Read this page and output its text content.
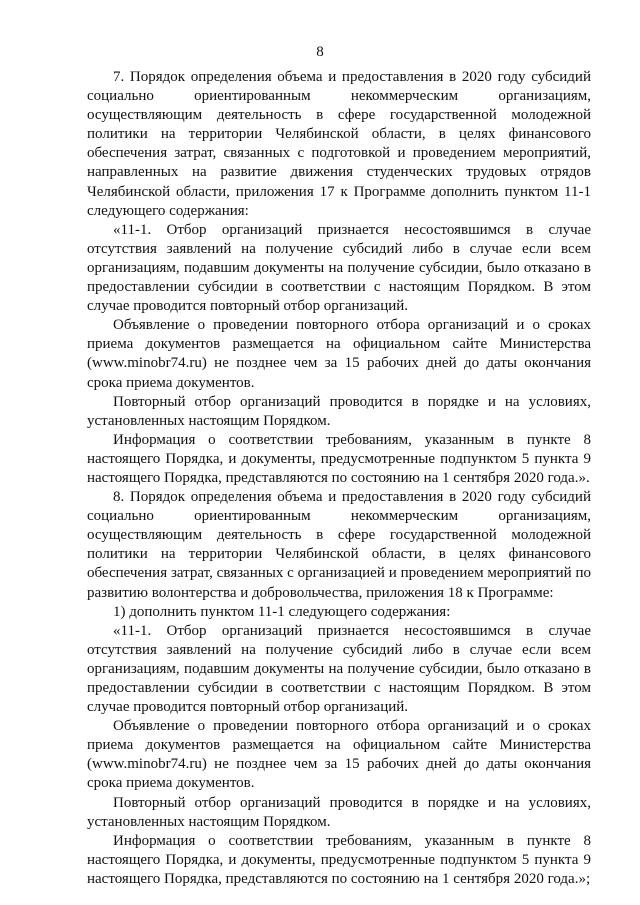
8

7. Порядок определения объема и предоставления в 2020 году субсидий социально ориентированным некоммерческим организациям, осуществляющим деятельность в сфере государственной молодежной политики на территории Челябинской области, в целях финансового обеспечения затрат, связанных с подготовкой и проведением мероприятий, направленных на развитие движения студенческих трудовых отрядов Челябинской области, приложения 17 к Программе дополнить пунктом 11-1 следующего содержания:

«11-1. Отбор организаций признается несостоявшимся в случае отсутствия заявлений на получение субсидий либо в случае если всем организациям, подавшим документы на получение субсидии, было отказано в предоставлении субсидии в соответствии с настоящим Порядком. В этом случае проводится повторный отбор организаций.

Объявление о проведении повторного отбора организаций и о сроках приема документов размещается на официальном сайте Министерства (www.minobr74.ru) не позднее чем за 15 рабочих дней до даты окончания срока приема документов.

Повторный отбор организаций проводится в порядке и на условиях, установленных настоящим Порядком.

Информация о соответствии требованиям, указанным в пункте 8 настоящего Порядка, и документы, предусмотренные подпунктом 5 пункта 9 настоящего Порядка, представляются по состоянию на 1 сентября 2020 года.».

8. Порядок определения объема и предоставления в 2020 году субсидий социально ориентированным некоммерческим организациям, осуществляющим деятельность в сфере государственной молодежной политики на территории Челябинской области, в целях финансового обеспечения затрат, связанных с организацией и проведением мероприятий по развитию волонтерства и добровольчества, приложения 18 к Программе:

1) дополнить пунктом 11-1 следующего содержания:

«11-1. Отбор организаций признается несостоявшимся в случае отсутствия заявлений на получение субсидий либо в случае если всем организациям, подавшим документы на получение субсидии, было отказано в предоставлении субсидии в соответствии с настоящим Порядком. В этом случае проводится повторный отбор организаций.

Объявление о проведении повторного отбора организаций и о сроках приема документов размещается на официальном сайте Министерства (www.minobr74.ru) не позднее чем за 15 рабочих дней до даты окончания срока приема документов.

Повторный отбор организаций проводится в порядке и на условиях, установленных настоящим Порядком.

Информация о соответствии требованиям, указанным в пункте 8 настоящего Порядка, и документы, предусмотренные подпунктом 5 пункта 9 настоящего Порядка, представляются по состоянию на 1 сентября 2020 года.»;
